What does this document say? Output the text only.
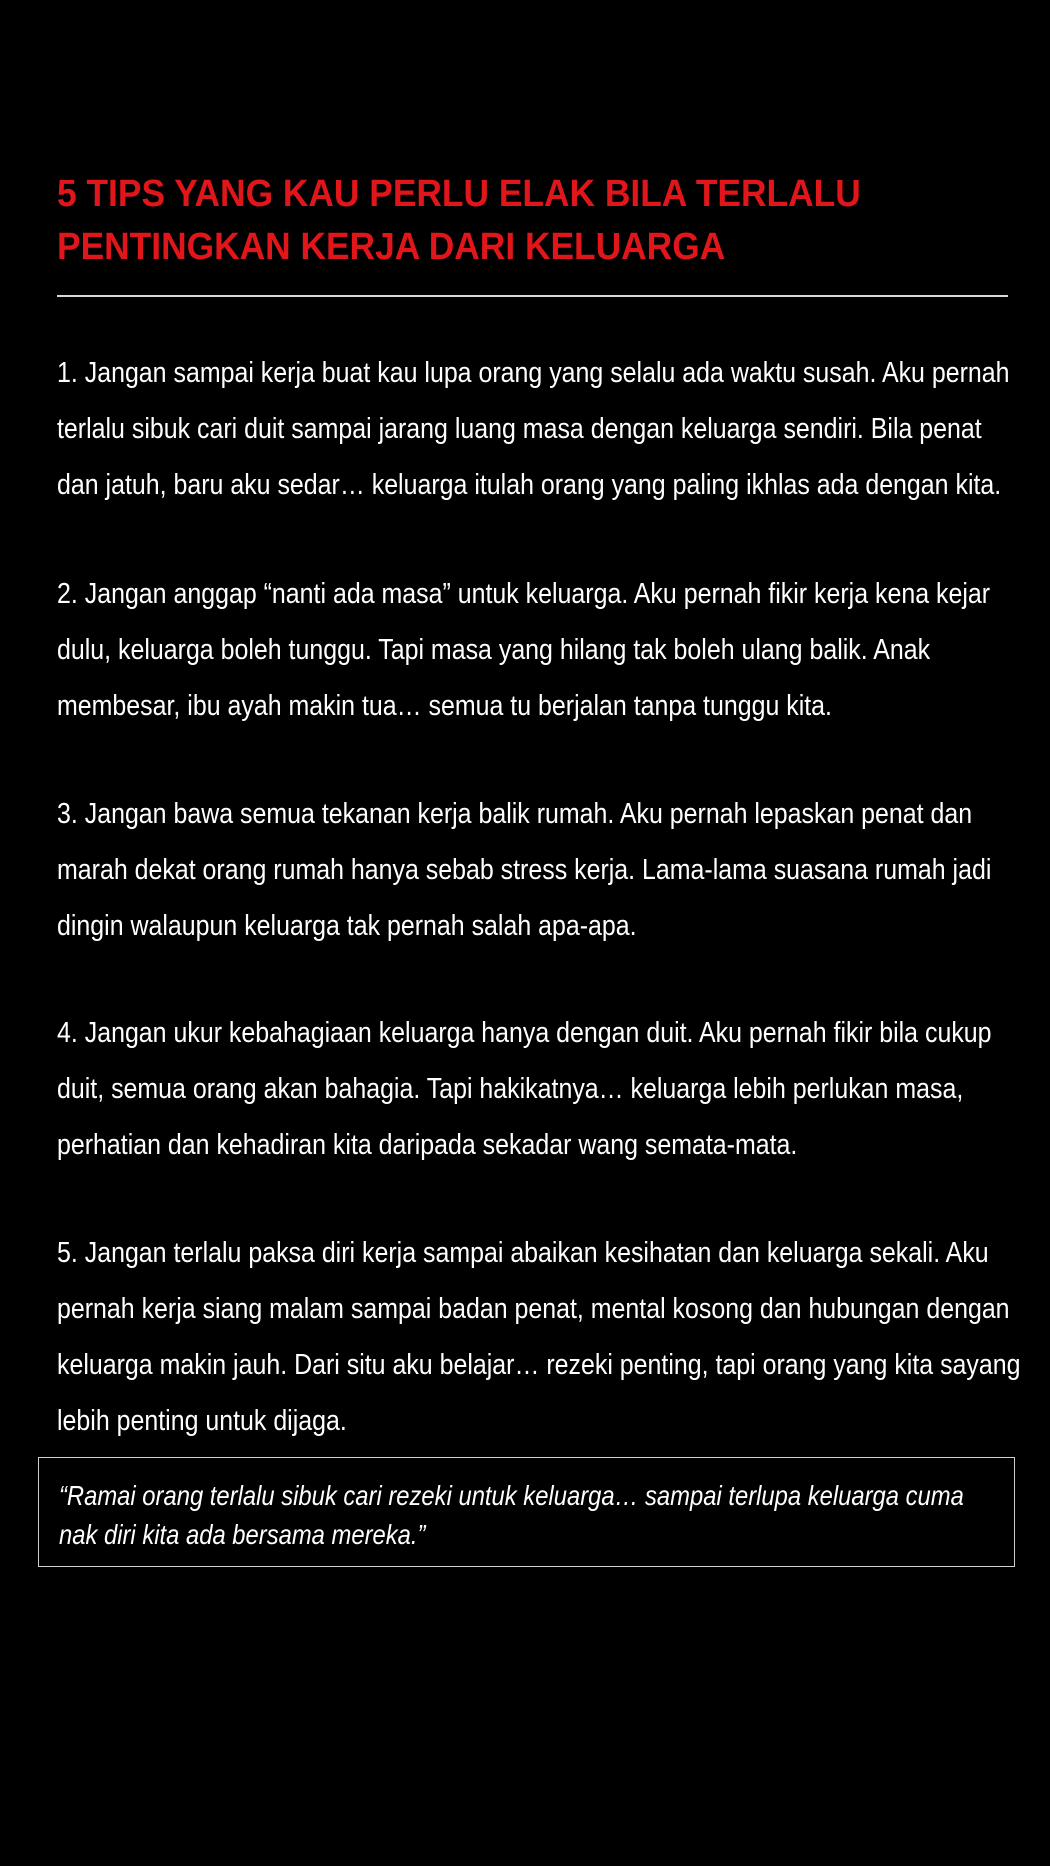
5 TIPS YANG KAU PERLU ELAK BILA TERLALU
PENTINGKAN KERJA DARI KELUARGA

1. Jangan sampai kerja buat kau lupa orang yang selalu ada waktu susah. Aku pernah
terlalu sibuk cari duit sampai jarang luang masa dengan keluarga sendiri. Bila penat
dan jatuh, baru aku sedar… keluarga itulah orang yang paling ikhlas ada dengan kita.

2. Jangan anggap “nanti ada masa” untuk keluarga. Aku pernah fikir kerja kena kejar
dulu, keluarga boleh tunggu. Tapi masa yang hilang tak boleh ulang balik. Anak
membesar, ibu ayah makin tua… semua tu berjalan tanpa tunggu kita.

3. Jangan bawa semua tekanan kerja balik rumah. Aku pernah lepaskan penat dan
marah dekat orang rumah hanya sebab stress kerja. Lama-lama suasana rumah jadi
dingin walaupun keluarga tak pernah salah apa-apa.

4. Jangan ukur kebahagiaan keluarga hanya dengan duit. Aku pernah fikir bila cukup
duit, semua orang akan bahagia. Tapi hakikatnya… keluarga lebih perlukan masa,
perhatian dan kehadiran kita daripada sekadar wang semata-mata.

5. Jangan terlalu paksa diri kerja sampai abaikan kesihatan dan keluarga sekali. Aku
pernah kerja siang malam sampai badan penat, mental kosong dan hubungan dengan
keluarga makin jauh. Dari situ aku belajar… rezeki penting, tapi orang yang kita sayang
lebih penting untuk dijaga.

“Ramai orang terlalu sibuk cari rezeki untuk keluarga… sampai terlupa keluarga cuma
nak diri kita ada bersama mereka.”
